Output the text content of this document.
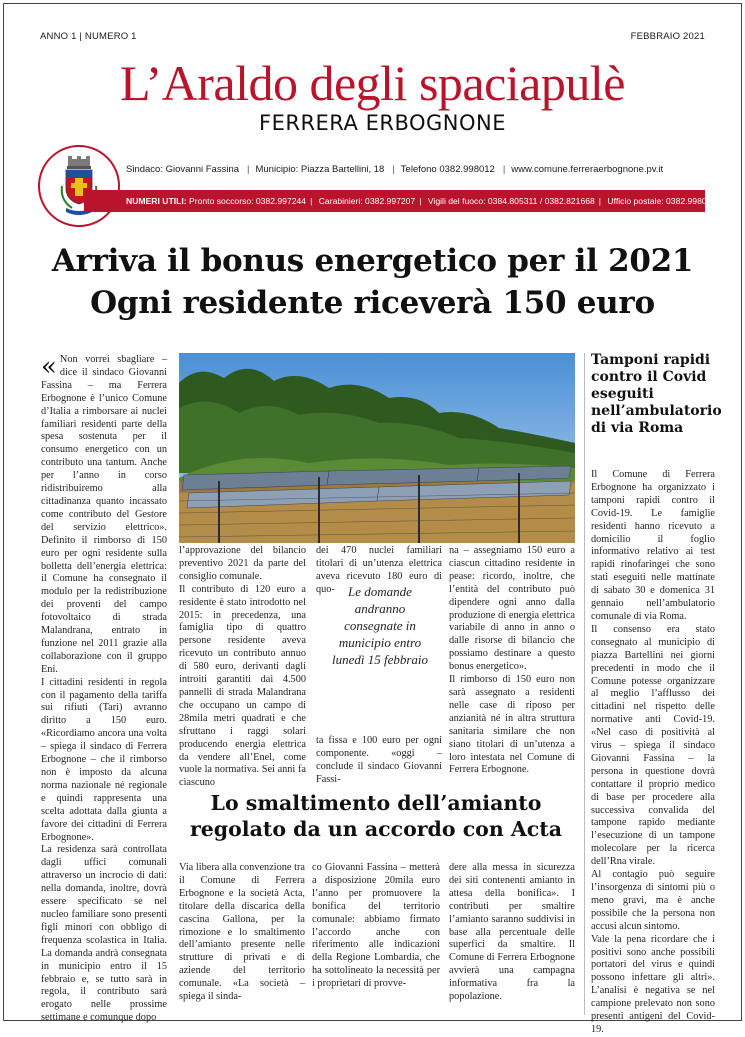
ANNO 1 | NUMERO 1	FEBBRAIO 2021
L’Araldo degli spaciapulè
FERRERA ERBOGNONE
Sindaco: Giovanni Fassina | Municipio: Piazza Bartellini, 18 | Telefono 0382.998012 | www.comune.ferreraerbognone.pv.it
NUMERI UTILI: Pronto soccorso: 0382.997244 | Carabinieri: 0382.997207 | Vigili del fuoco: 0384.805311 / 0382.821668 | Ufficio postale: 0382.998035
Arriva il bonus energetico per il 2021
Ogni residente riceverà 150 euro

« Non vorrei sbagliare – dice il sindaco Giovanni Fassina – ma Ferrera Erbognone è l’unico Comune d’Italia a rimborsare ai nuclei familiari residenti parte della spesa sostenuta per il consumo energetico con un contributo una tantum. Anche per l’anno in corso ridistribuiremo alla cittadinanza quanto incassato come contributo del Gestore del servizio elettrico». Definito il rimborso di 150 euro per ogni residente sulla bolletta dell’energia elettrica: il Comune ha consegnato il modulo per la redistribuzione dei proventi del campo fotovoltaico di strada Malandrana, entrato in funzione nel 2011 grazie alla collaborazione con il gruppo Eni.

I cittadini residenti in regola con il pagamento della tariffa sui rifiuti (Tari) avranno diritto a 150 euro. «Ricordiamo ancora una volta – spiega il sindaco di Ferrera Erbognone – che il rimborso non è imposto da alcuna norma nazionale né regionale e quindi rappresenta una scelta adottata dalla giunta a favore dei cittadini di Ferrera Erbognone».

La residenza sarà controllata dagli uffici comunali attraverso un incrocio di dati: nella domanda, inoltre, dovrà essere specificato se nel nucleo familiare sono presenti figli minori con obbligo di frequenza scolastica in Italia. La domanda andrà consegnata in municipio entro il 15 febbraio e, se tutto sarà in regola, il contributo sarà erogato nelle prossime settimane e comunque dopo

l’approvazione del bilancio preventivo 2021 da parte del consiglio comunale.

Il contributo di 120 euro a residente è stato introdotto nel 2015: in precedenza, una famiglia tipo di quattro persone residente aveva ricevuto un contributo annuo di 580 euro, derivanti dagli introiti garantiti dai 4.500 pannelli di strada Malandrana che occupano un campo di 28mila metri quadrati e che sfruttano i raggi solari producendo energia elettrica da vendere all’Enel, come vuole la normativa. Sei anni fa ciascuno

dei 470 nuclei familiari titolari di un’utenza elettrica aveva ricevuto 180 euro di quo-	Le domande andranno consegnate in municipio entro lunedì 15 febbraio

ta fissa e 100 euro per ogni componente. «oggi – conclude il sindaco Giovanni Fassi-

na – assegniamo 150 euro a ciascun cittadino residente in pease: ricordo, inoltre, che l’entità del contributo può dipendere ogni anno dalla produzione di energia elettrica variabile di anno in anno o dalle risorse di bilancio che possiamo destinare a questo bonus energetico».

Il rimborso di 150 euro non sarà assegnato a residenti nelle case di riposo per anzianità né in altra struttura sanitaria similare che non siano titolari di un’utenza a loro intestata nel Comune di Ferrera Erbognone.

Tamponi rapidi contro il Covid eseguiti nell’ambulatorio di via Roma

Il Comune di Ferrera Erbognone ha organizzato i tamponi rapidi contro il Covid-19. Le famiglie residenti hanno ricevuto a domicilio il foglio informativo relativo ai test rapidi rinofaringei che sono stati eseguiti nelle mattinate di sabato 30 e domenica 31 gennaio nell’ambulatorio comunale di via Roma.

Il consenso era stato consegnato al municipio di piazza Bartellini nei giorni precedenti in modo che il Comune potesse organizzare al meglio l’afflusso dei cittadini nel rispetto delle normative anti Covid-19. «Nel caso di positività al virus – spiega il sindaco Giovanni Fassina – la persona in questione dovrà contattare il proprio medico di base per procedere alla successiva convalida del tampone rapido mediante l’esecuzione di un tampone molecolare per la ricerca dell’Rna virale.

Al contagio può seguire l’insorgenza di sintomi più o meno gravi, ma è anche possibile che la persona non accusi alcun sintomo.

Vale la pena ricordare che i positivi sono anche possibili portatori del virus e quindi possono infettare gli altri». L’analisi è negativa se nel campione prelevato non sono presenti antigeni del Covid-19.

Lo smaltimento dell’amianto
regolato da un accordo con Acta

Via libera alla convenzione tra il Comune di Ferrera Erbognone e la società Acta, titolare della discarica della cascina Gallona, per la rimozione e lo smaltimento dell’amianto presente nelle strutture di privati e di aziende del territorio comunale. «La società – spiega il sinda-

co Giovanni Fassina – metterà a disposizione 20mila euro l’anno per promuovere la bonifica del territorio comunale: abbiamo firmato l’accordo anche con riferimento alle indicazioni della Regione Lombardia, che ha sottolineato la necessità per i proprietari di provve-

dere alla messa in sicurezza dei siti contenenti amianto in attesa della bonifica». I contributi per smaltire l’amianto saranno suddivisi in base alla percentuale delle superfici da smaltire. Il Comune di Ferrera Erbognone avvierà una campagna informativa fra la popolazione.
